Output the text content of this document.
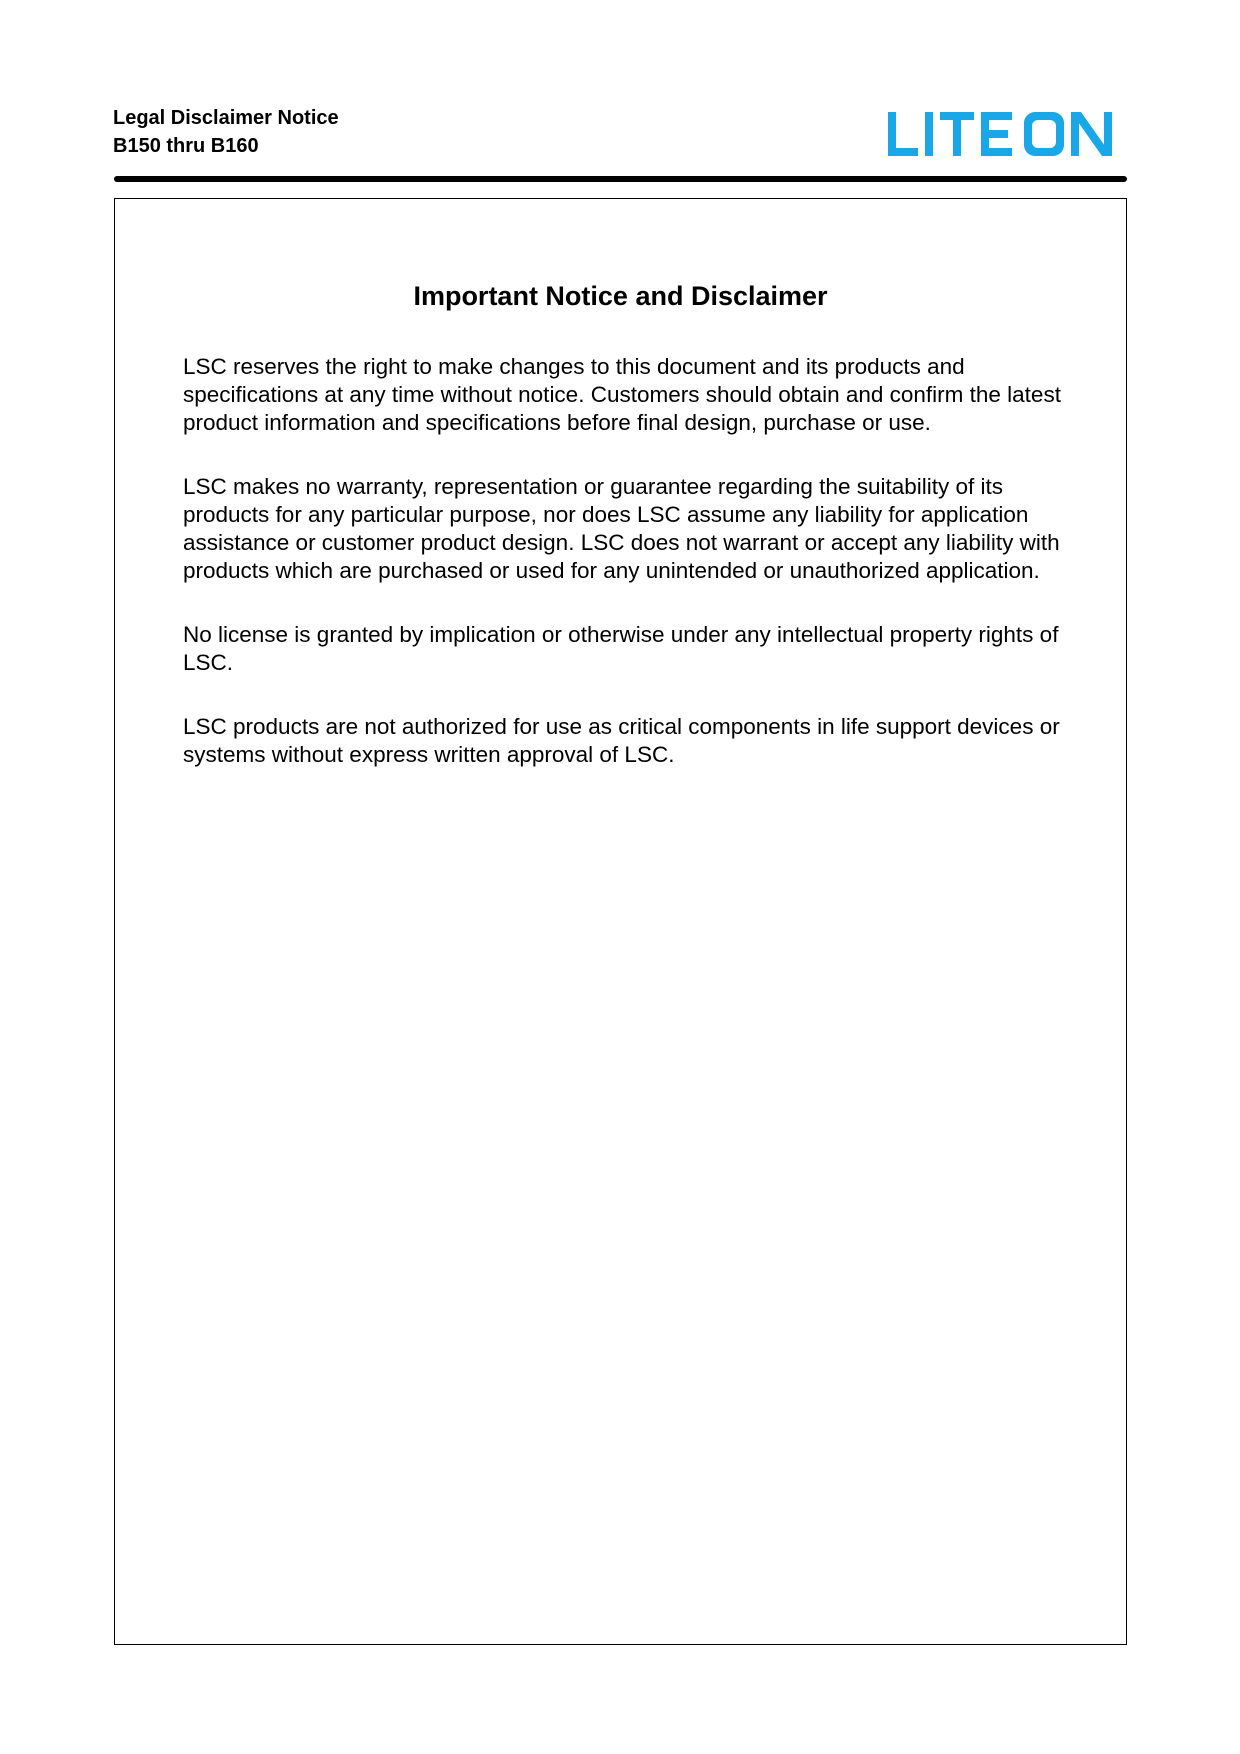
Legal Disclaimer Notice
B150 thru B160
Important Notice and Disclaimer

LSC reserves the right to make changes to this document and its products and specifications at any time without notice. Customers should obtain and confirm the latest product information and specifications before final design, purchase or use.

LSC makes no warranty, representation or guarantee regarding the suitability of its products for any particular purpose, nor does LSC assume any liability for application assistance or customer product design. LSC does not warrant or accept any liability with products which are purchased or used for any unintended or unauthorized application.

No license is granted by implication or otherwise under any intellectual property rights of LSC.

LSC products are not authorized for use as critical components in life support devices or systems without express written approval of LSC.
